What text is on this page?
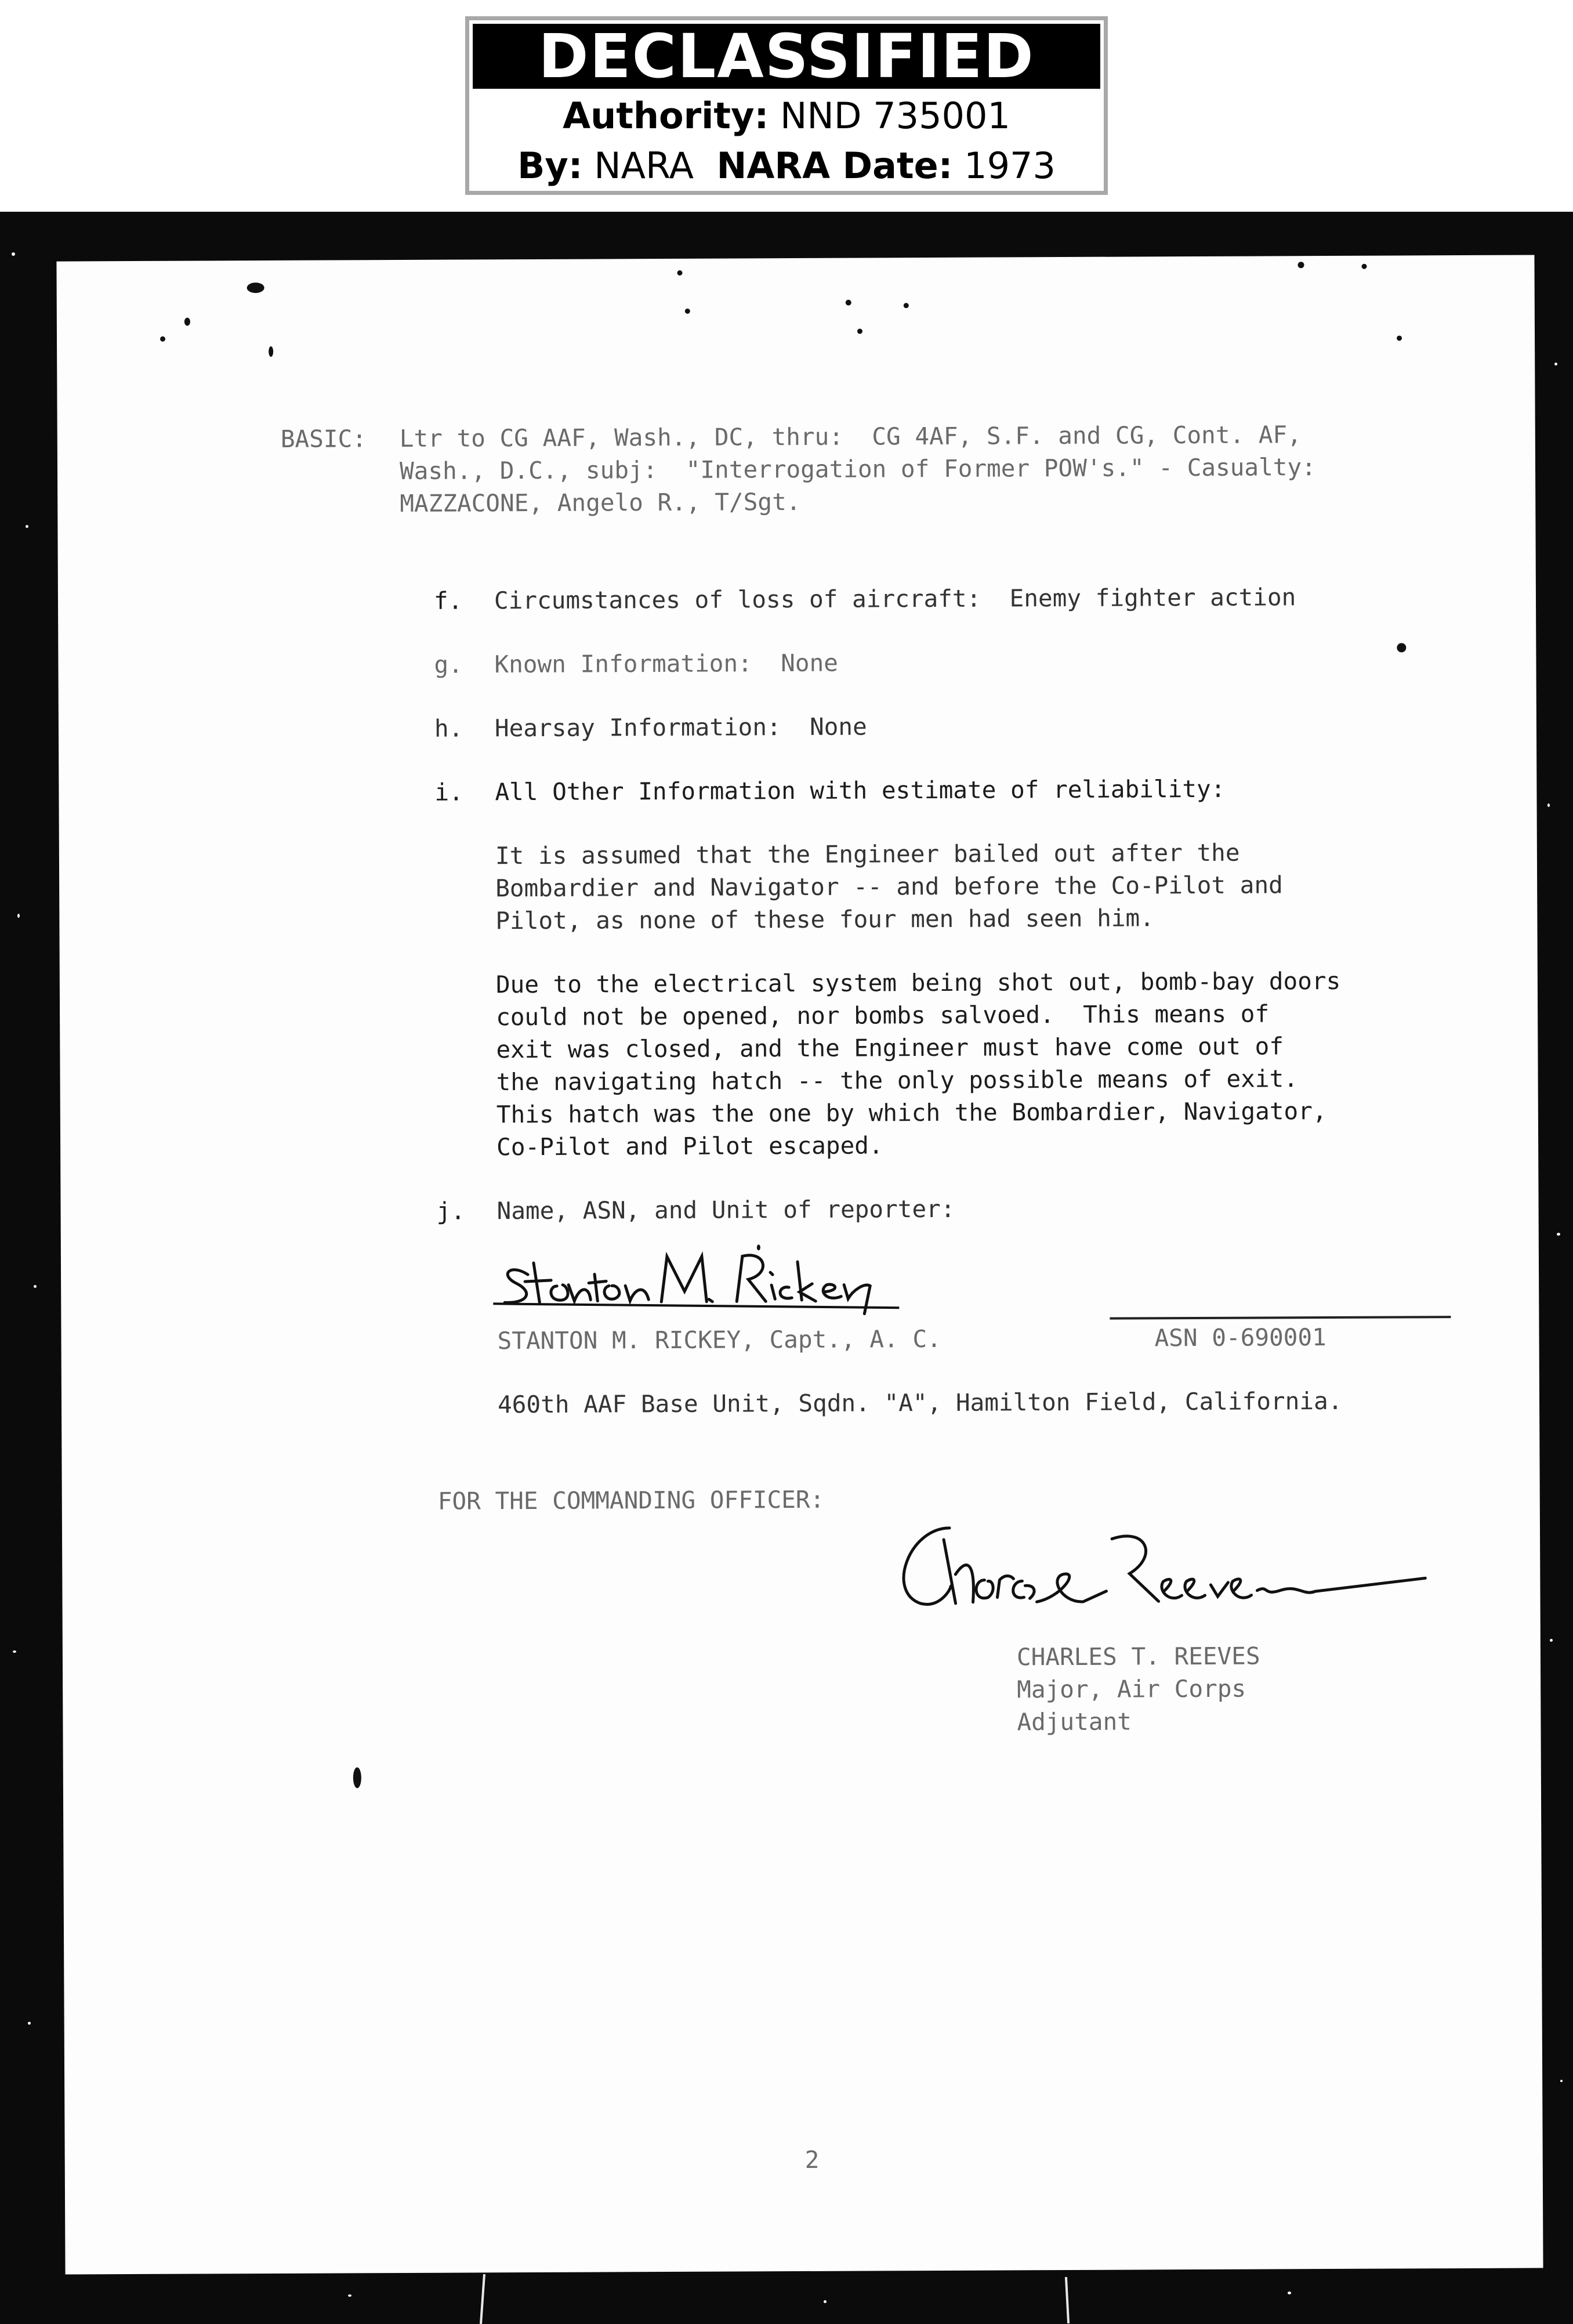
DECLASSIFIED
Authority: NND 735001
By: NARA NARA Date: 1973
BASIC: Ltr to CG AAF, Wash., DC, thru:  CG 4AF, S.F. and CG, Cont. AF,
Wash., D.C., subj:  "Interrogation of Former POW's." - Casualty:
MAZZACONE, Angelo R., T/Sgt.
f. Circumstances of loss of aircraft:  Enemy fighter action
g. Known Information:  None
h. Hearsay Information:  None
i. All Other Information with estimate of reliability:
It is assumed that the Engineer bailed out after the
Bombardier and Navigator -- and before the Co-Pilot and
Pilot, as none of these four men had seen him.
Due to the electrical system being shot out, bomb-bay doors
could not be opened, nor bombs salvoed.  This means of
exit was closed, and the Engineer must have come out of
the navigating hatch -- the only possible means of exit.
This hatch was the one by which the Bombardier, Navigator,
Co-Pilot and Pilot escaped.
j. Name, ASN, and Unit of reporter:
STANTON M. RICKEY, Capt., A. C.	ASN 0-690001
460th AAF Base Unit, Sqdn. "A", Hamilton Field, California.
FOR THE COMMANDING OFFICER:
CHARLES T. REEVES
Major, Air Corps
Adjutant
2
